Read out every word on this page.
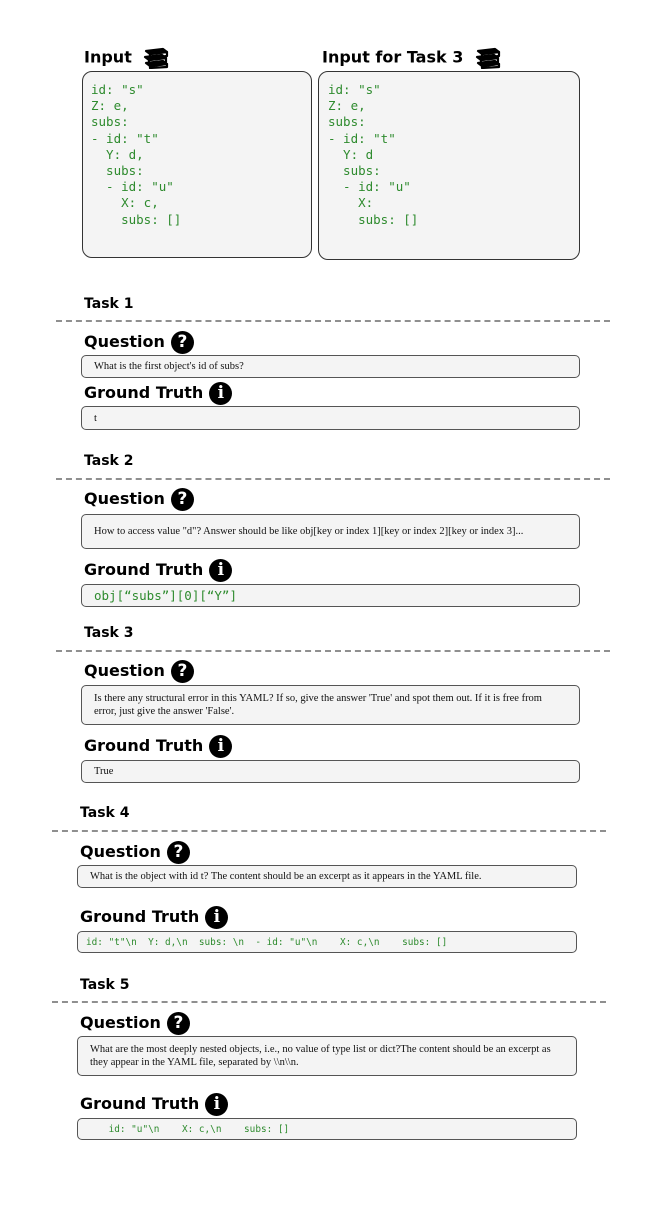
Input
id: "s"
Z: e,
subs:
- id: "t"
Y: d,
subs:
- id: "u"
X: c,
subs: []
Input for Task 3
id: "s"
Z: e,
subs:
- id: "t"
Y: d
subs:
- id: "u"
X:
subs: []
Task 1
Question ?
What is the first object's id of subs?
Ground Truth i
t
Task 2
Question ?
How to access value "d"? Answer should be like obj[key or index 1][key or index 2][key or index 3]...
Ground Truth i
obj[“subs”][0][“Y”]
Task 3
Question ?
Is there any structural error in this YAML? If so, give the answer 'True' and spot them out. If it is free from error, just give the answer 'False'.
Ground Truth i
True
Task 4
Question ?
What is the object with id t? The content should be an excerpt as it appears in the YAML file.
Ground Truth i
id: "t"\n  Y: d,\n  subs: \n  - id: "u"\n    X: c,\n    subs: []
Task 5
Question ?
What are the most deeply nested objects, i.e., no value of type list or dict?The content should be an excerpt as they appear in the YAML file, separated by \\n\\n.
Ground Truth i
id: "u"\n    X: c,\n    subs: []
